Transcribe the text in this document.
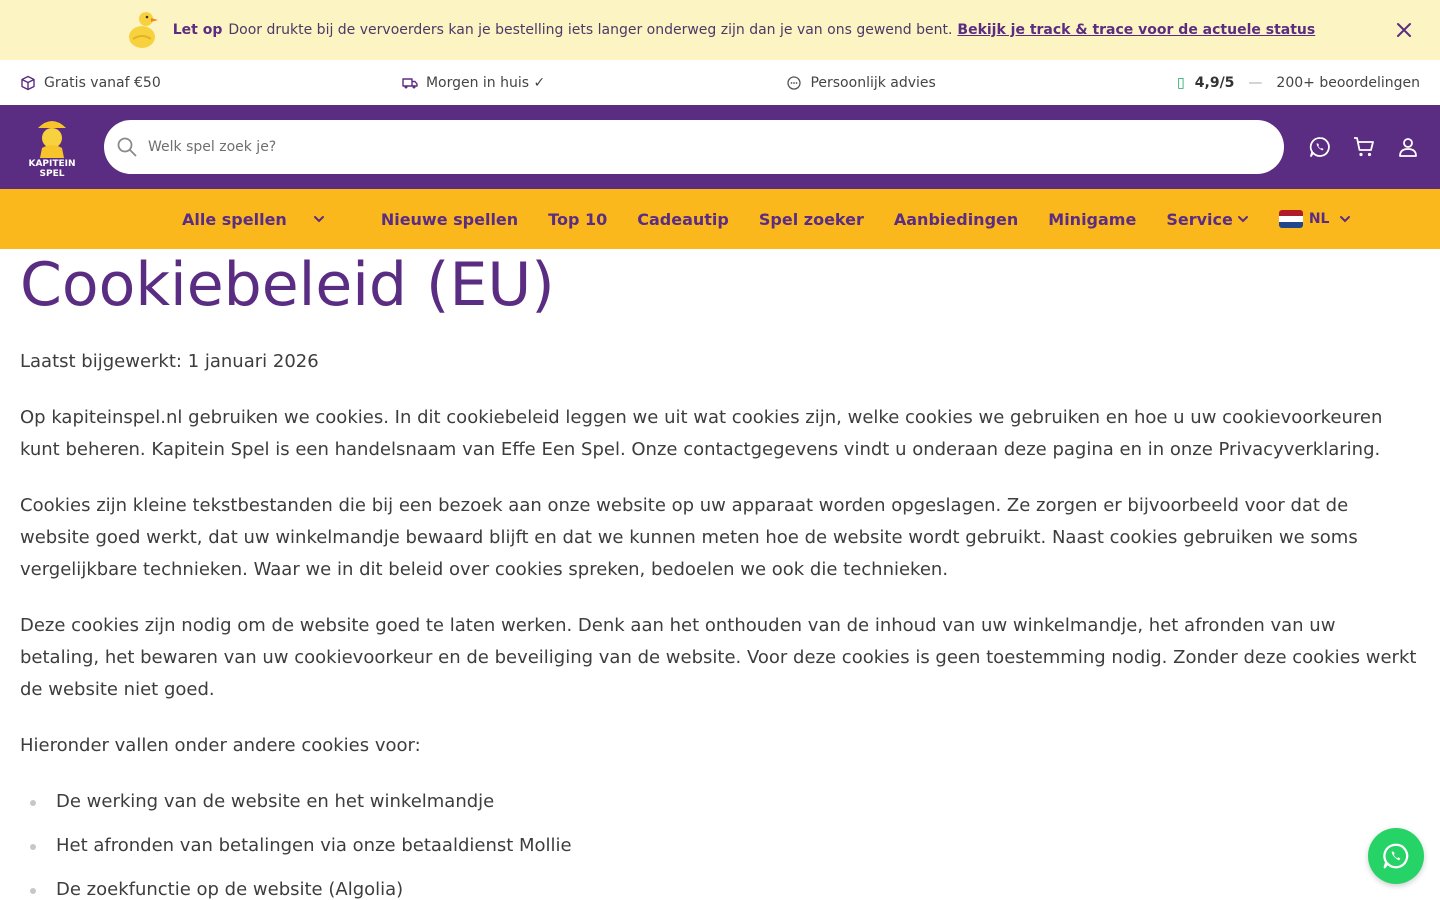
Let op Door drukte bij de vervoerders kan je bestelling iets langer onderweg zijn dan je van ons gewend bent. Bekijk je track & trace voor de actuele status
Gratis vanaf €50	Morgen in huis ✓	Persoonlijk advies	▯ 4,9/5 — 200+ beoordelingen
KAPITEIN
SPEL
Welk spel zoek je?
Alle spellen	Nieuwe spellen Top 10 Cadeautip Spel zoeker Aanbiedingen Minigame Service	NL
Cookiebeleid (EU)

Laatst bijgewerkt: 1 januari 2026

Op kapiteinspel.nl gebruiken we cookies. In dit cookiebeleid leggen we uit wat cookies zijn, welke cookies we gebruiken en hoe u uw cookievoorkeuren kunt beheren. Kapitein Spel is een handelsnaam van Effe Een Spel. Onze contactgegevens vindt u onderaan deze pagina en in onze Privacyverklaring.

Cookies zijn kleine tekstbestanden die bij een bezoek aan onze website op uw apparaat worden opgeslagen. Ze zorgen er bijvoorbeeld voor dat de website goed werkt, dat uw winkelmandje bewaard blijft en dat we kunnen meten hoe de website wordt gebruikt. Naast cookies gebruiken we soms vergelijkbare technieken. Waar we in dit beleid over cookies spreken, bedoelen we ook die technieken.

Deze cookies zijn nodig om de website goed te laten werken. Denk aan het onthouden van de inhoud van uw winkelmandje, het afronden van uw betaling, het bewaren van uw cookievoorkeur en de beveiliging van de website. Voor deze cookies is geen toestemming nodig. Zonder deze cookies werkt de website niet goed.

Hieronder vallen onder andere cookies voor:

De werking van de website en het winkelmandje
Het afronden van betalingen via onze betaaldienst Mollie
De zoekfunctie op de website (Algolia)
